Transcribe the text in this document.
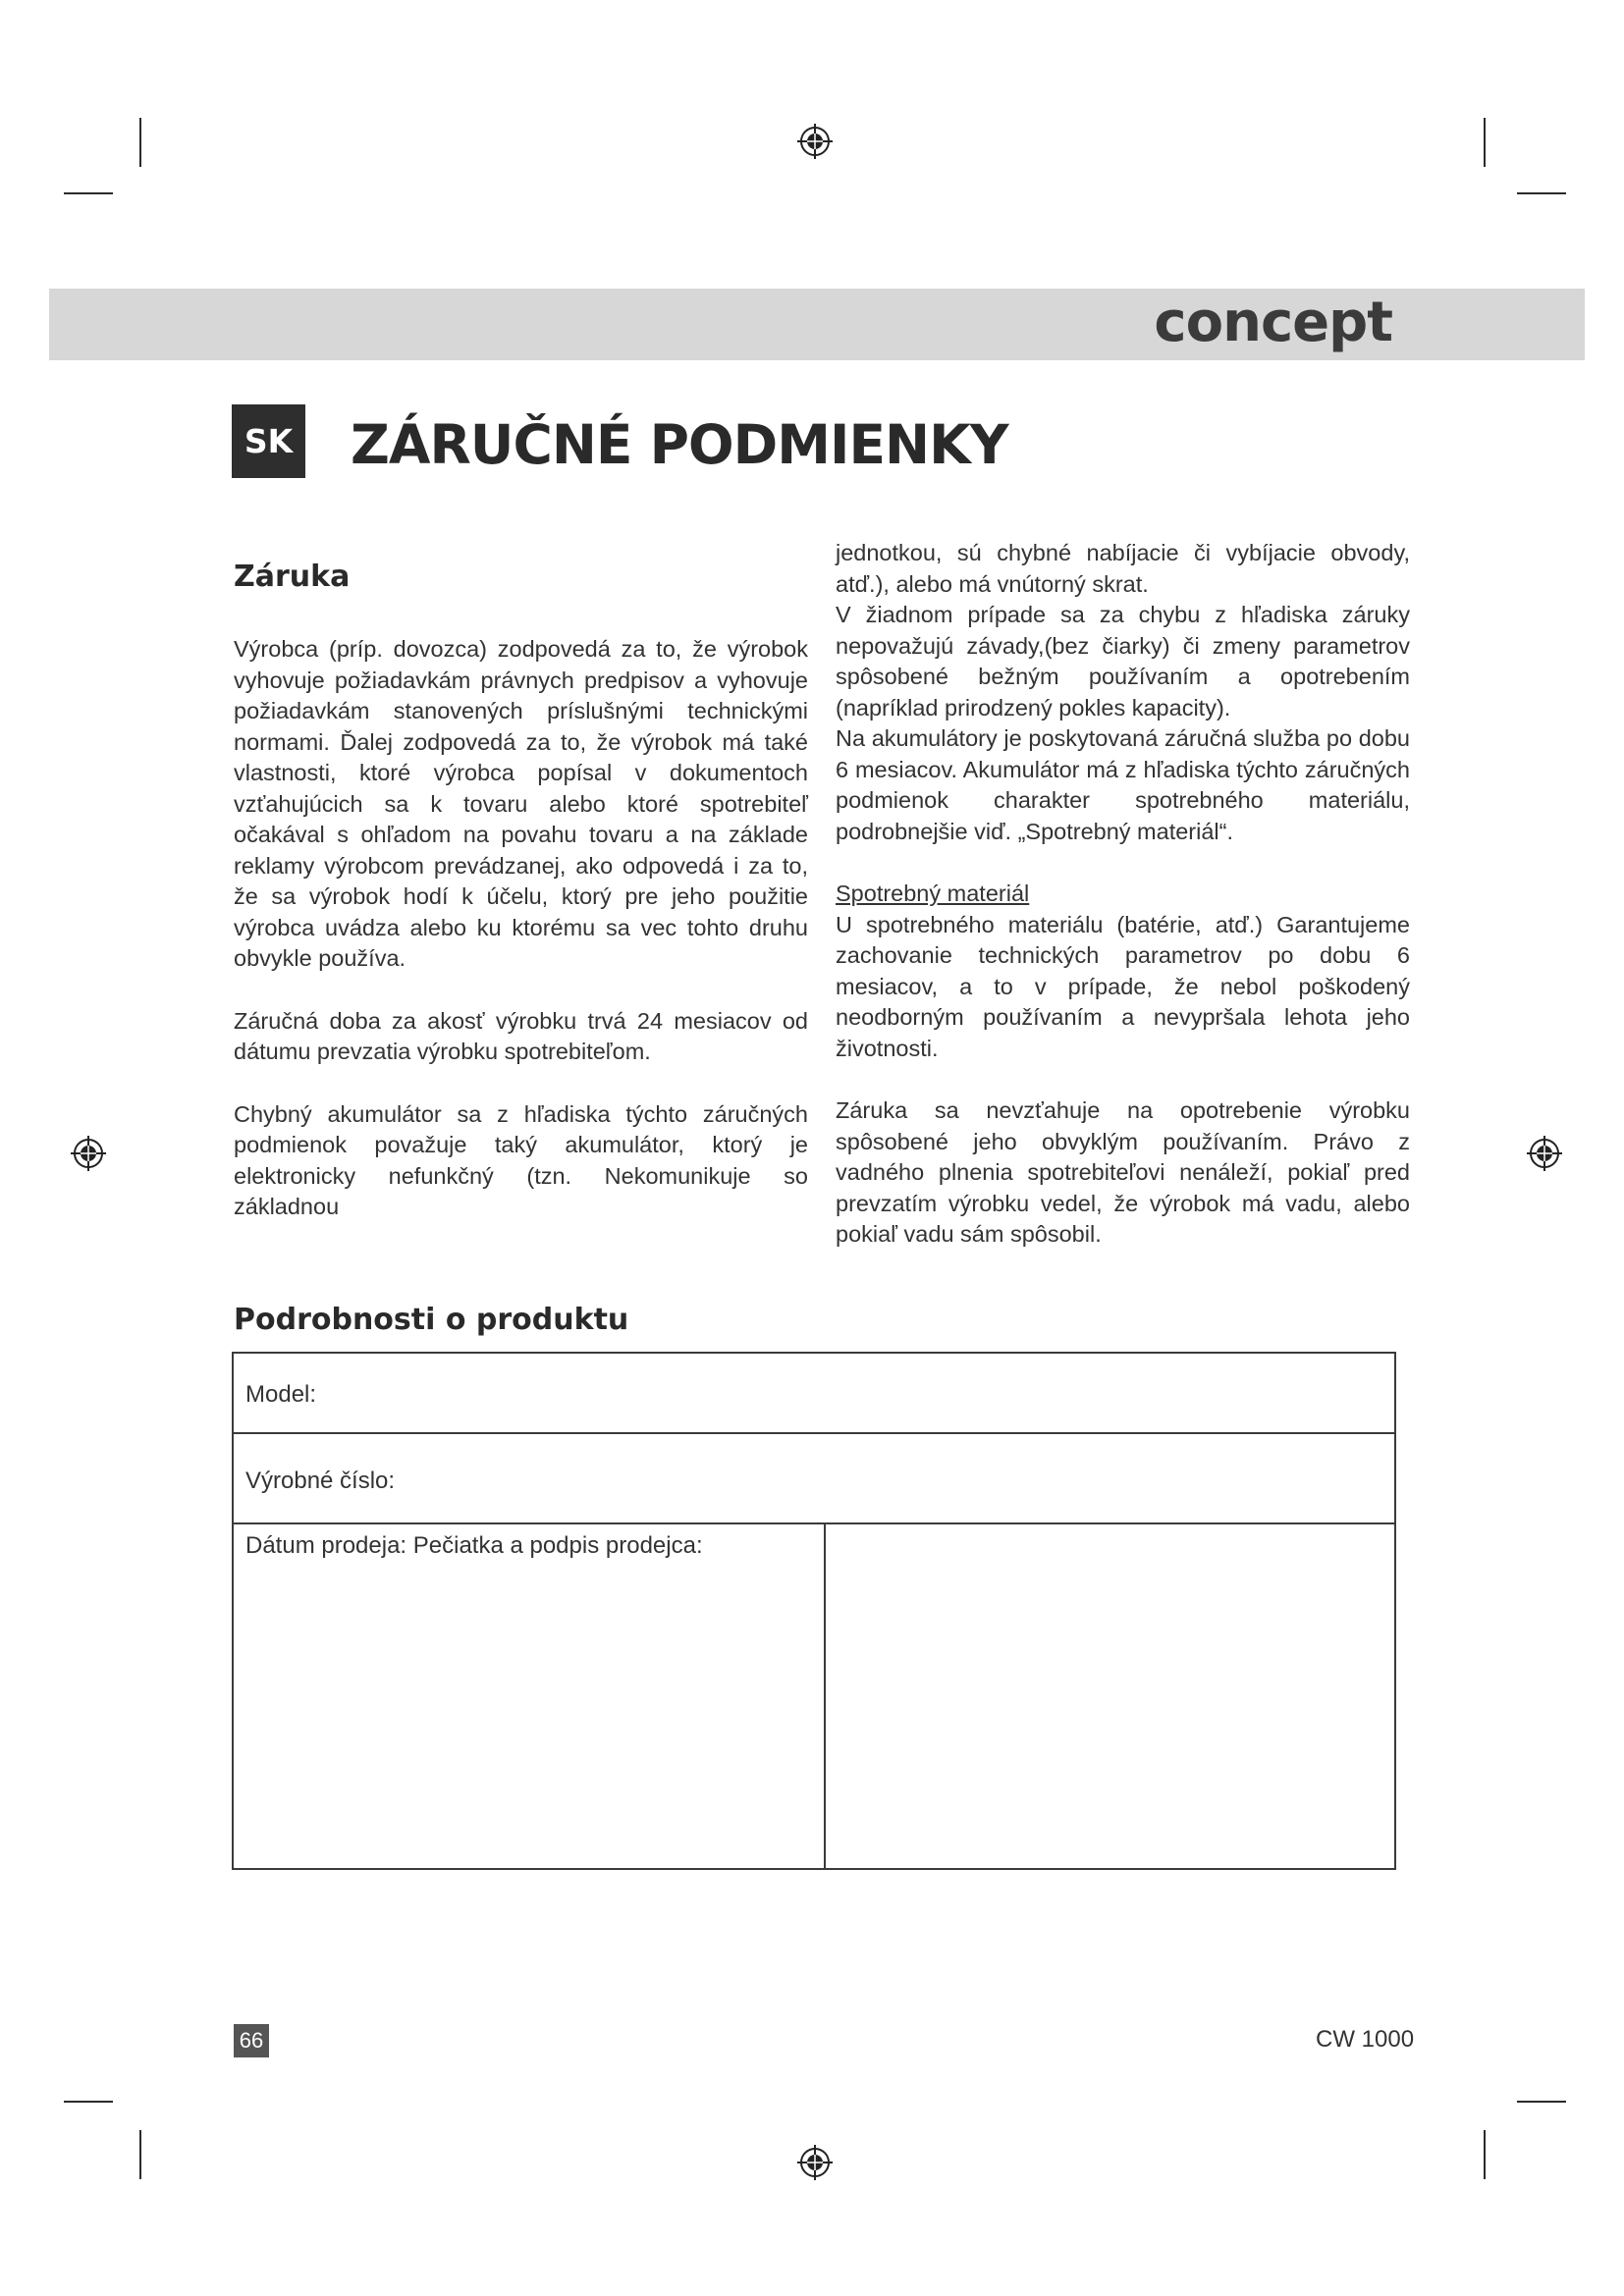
concept
SK ZÁRUČNÉ PODMIENKY
Záruka

Výrobca (príp. dovozca) zodpovedá za to, že výrobok vyhovuje požiadavkám právnych predpisov a vyhovuje požiadavkám stanovených príslušnými technickými normami. Ďalej zodpovedá za to, že výrobok má také vlastnosti, ktoré výrobca popísal v dokumentoch vzťahujúcich sa k tovaru alebo ktoré spotrebiteľ očakával s ohľadom na povahu tovaru a na základe reklamy výrobcom prevádzanej, ako odpovedá i za to, že sa výrobok hodí k účelu, ktorý pre jeho použitie výrobca uvádza alebo ku ktorému sa vec tohto druhu obvykle používa.

Záručná doba za akosť výrobku trvá 24 mesiacov od dátumu prevzatia výrobku spotrebiteľom.

Chybný akumulátor sa z hľadiska týchto záručných podmienok považuje taký akumulátor, ktorý je elektronicky nefunkčný (tzn. Nekomunikuje so základnou

jednotkou, sú chybné nabíjacie či vybíjacie obvody, atď.), alebo má vnútorný skrat.

V žiadnom prípade sa za chybu z hľadiska záruky nepovažujú závady,(bez čiarky) či zmeny parametrov spôsobené bežným používaním a opotrebením (napríklad prirodzený pokles kapacity).

Na akumulátory je poskytovaná záručná služba po dobu 6 mesiacov. Akumulátor má z hľadiska týchto záručných podmienok charakter spotrebného materiálu, podrobnejšie viď. „Spotrebný materiál“.

Spotrebný materiál

U spotrebného materiálu (batérie, atď.) Garantujeme zachovanie technických parametrov po dobu 6 mesiacov, a to v prípade, že nebol poškodený neodborným používaním a nevypršala lehota jeho životnosti.

Záruka sa nevzťahuje na opotrebenie výrobku spôsobené jeho obvyklým používaním. Právo z vadného plnenia spotrebiteľovi nenáleží, pokiaľ pred prevzatím výrobku vedel, že výrobok má vadu, alebo pokiaľ vadu sám spôsobil.

Podrobnosti o produktu
Model:
Výrobné číslo:
Dátum prodeja: Pečiatka a podpis prodejca:
66	CW 1000
